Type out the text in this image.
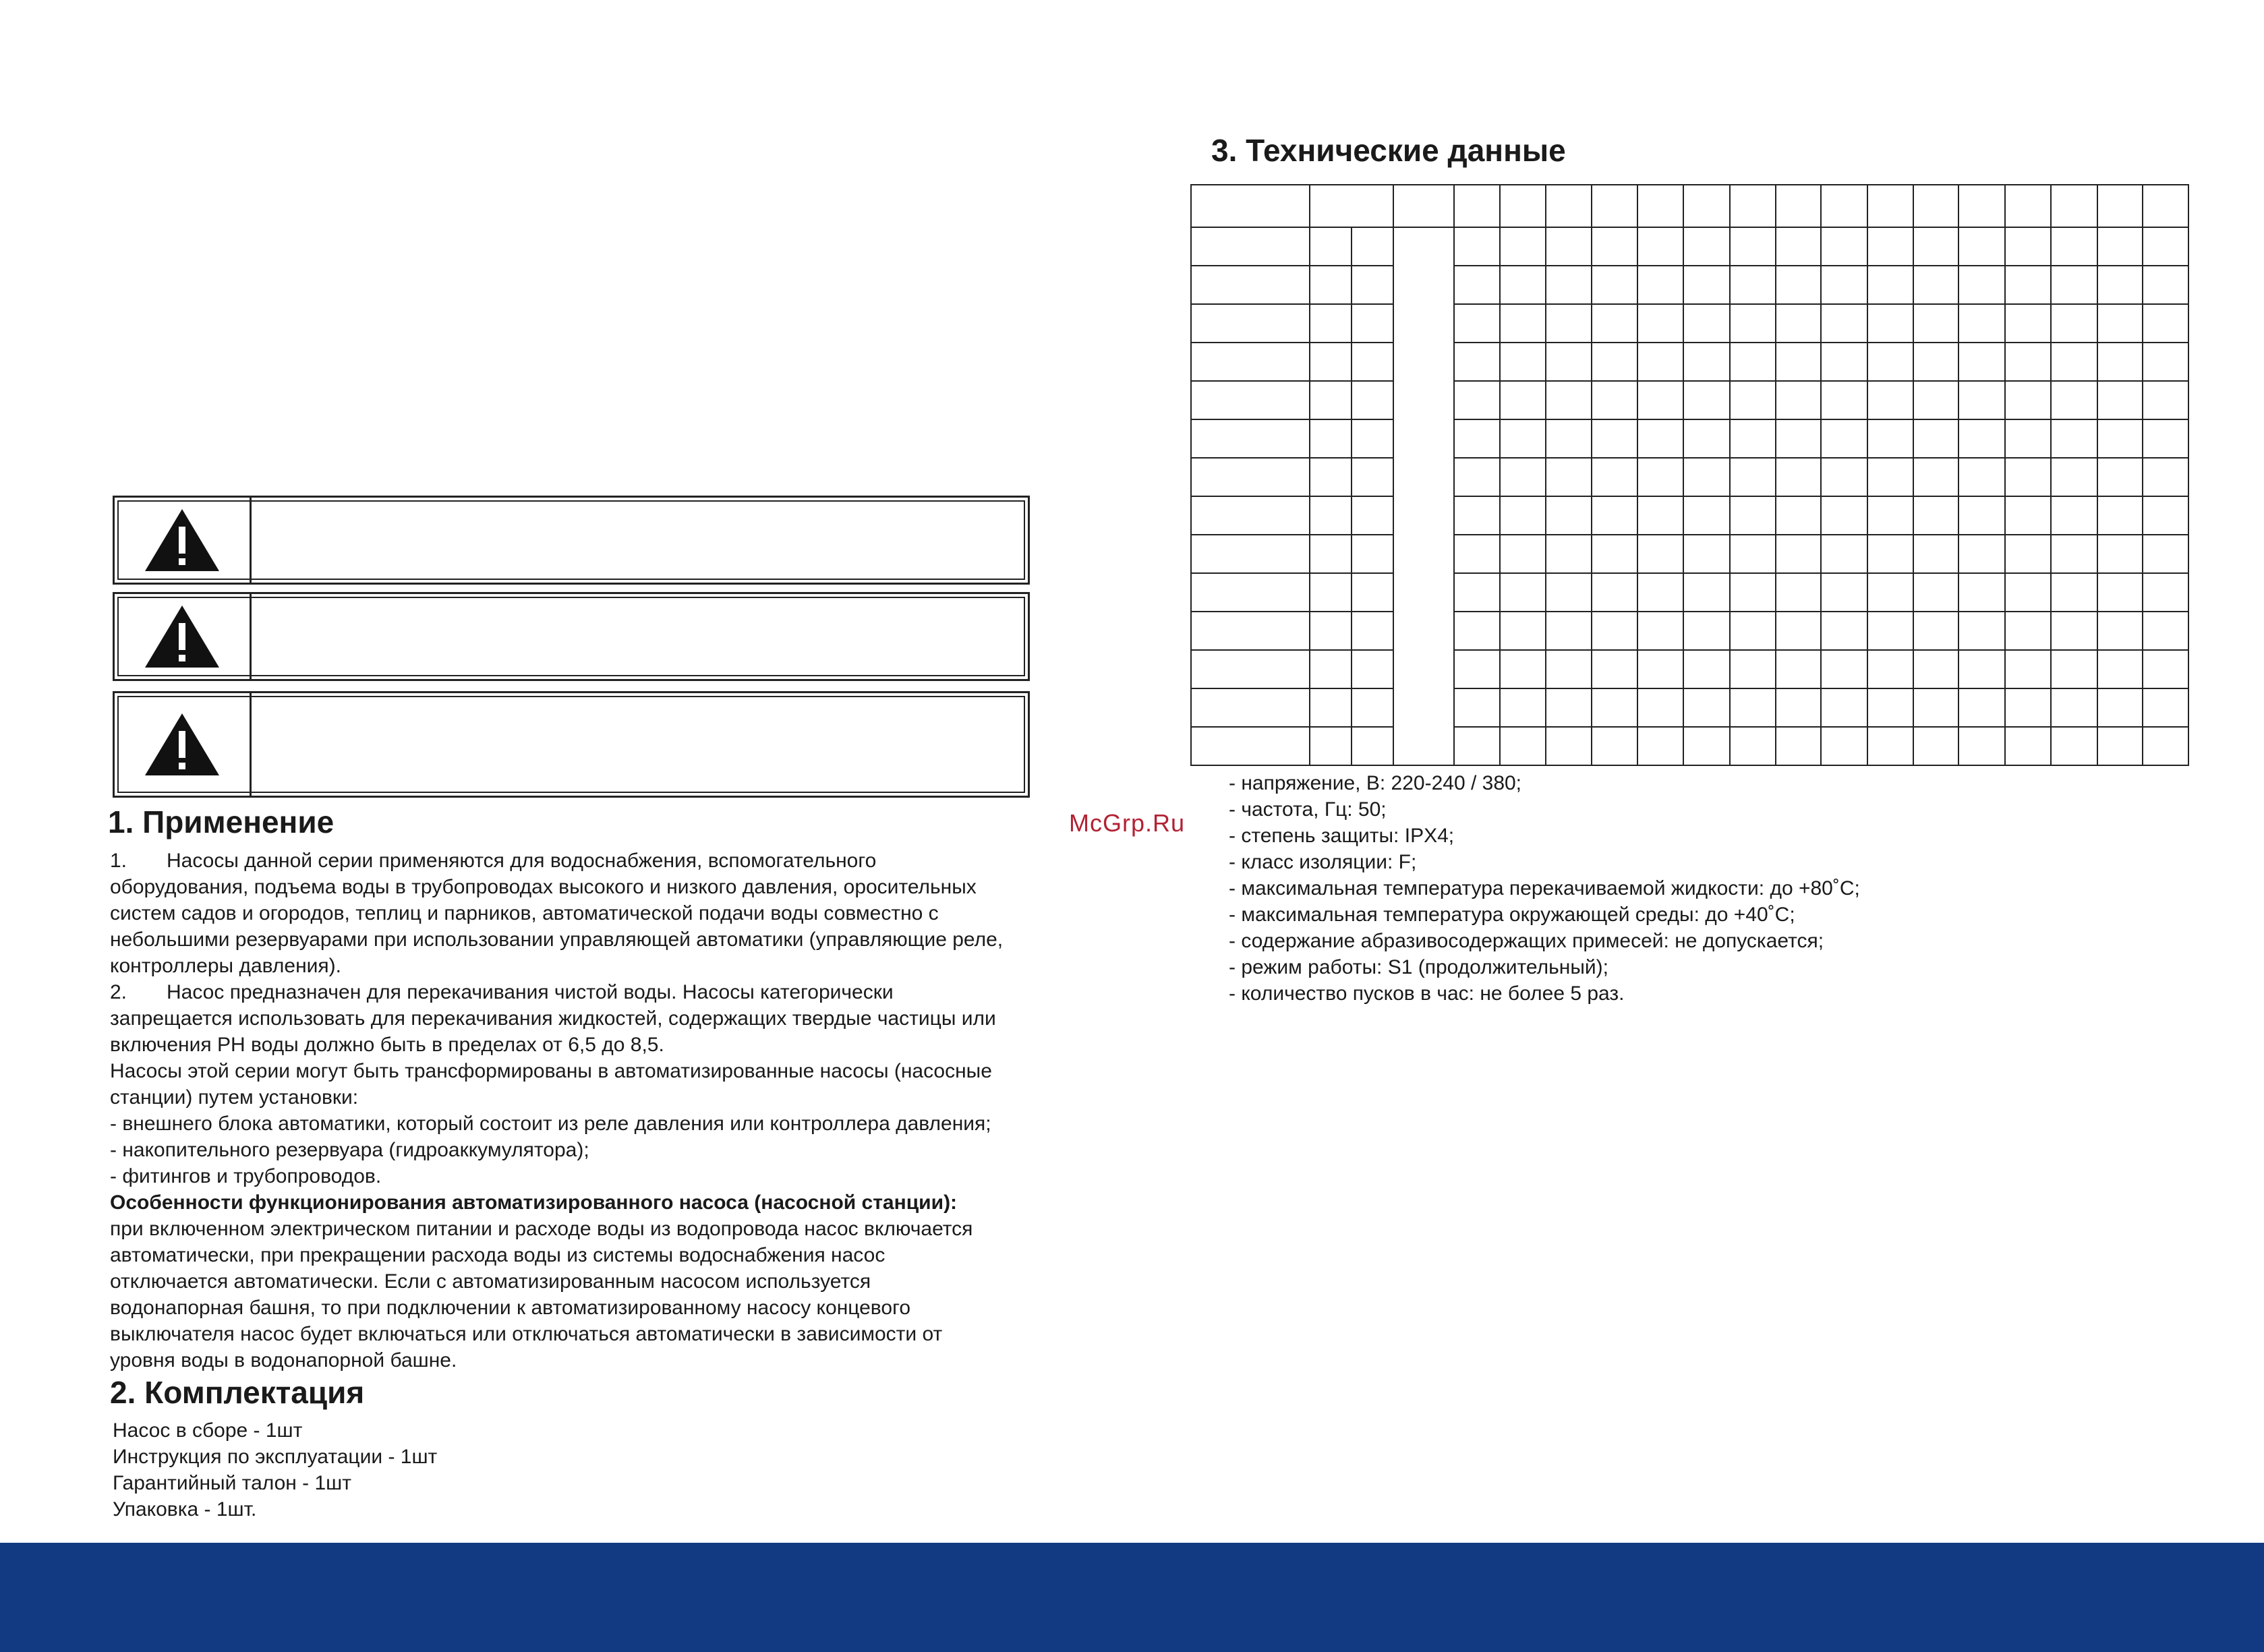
1. Применение

1. Насосы данной серии применяются для водоснабжения, вспомогательного
оборудования, подъема воды в трубопроводах высокого и низкого давления, оросительных
систем садов и огородов, теплиц и парников, автоматической подачи воды совместно с
небольшими резервуарами при использовании управляющей автоматики (управляющие реле,
контроллеры давления).

2. Насос предназначен для перекачивания чистой воды. Насосы категорически
запрещается использовать для перекачивания жидкостей, содержащих твердые частицы или
включения РН воды должно быть в пределах от 6,5 до 8,5.

Насосы этой серии могут быть трансформированы в автоматизированные насосы (насосные
станции) путем установки:
- внешнего блока автоматики, который состоит из реле давления или контроллера давления;
- накопительного резервуара (гидроаккумулятора);
- фитингов и трубопроводов.

Особенности функционирования автоматизированного насоса (насосной станции):

при включенном электрическом питании и расходе воды из водопровода насос включается
автоматически, при прекращении расхода воды из системы водоснабжения насос
отключается автоматически. Если с автоматизированным насосом используется
водонапорная башня, то при подключении к автоматизированному насосу концевого
выключателя насос будет включаться или отключаться автоматически в зависимости от
уровня воды в водонапорной башне.

2. Комплектация
Насос в сборе - 1шт
Инструкция по эксплуатации - 1шт
Гарантийный талон - 1шт
Упаковка - 1шт.
McGrp.Ru
3. Технические данные

- напряжение, В: 220-240 / 380;
- частота, Гц: 50;
- степень защиты: IPX4;
- класс изоляции: F;
- максимальная температура перекачиваемой жидкости: до +80˚С;
- максимальная температура окружающей среды: до +40˚С;
- содержание абразивосодержащих примесей: не допускается;
- режим работы: S1 (продолжительный);
- количество пусков в час: не более 5 раз.
